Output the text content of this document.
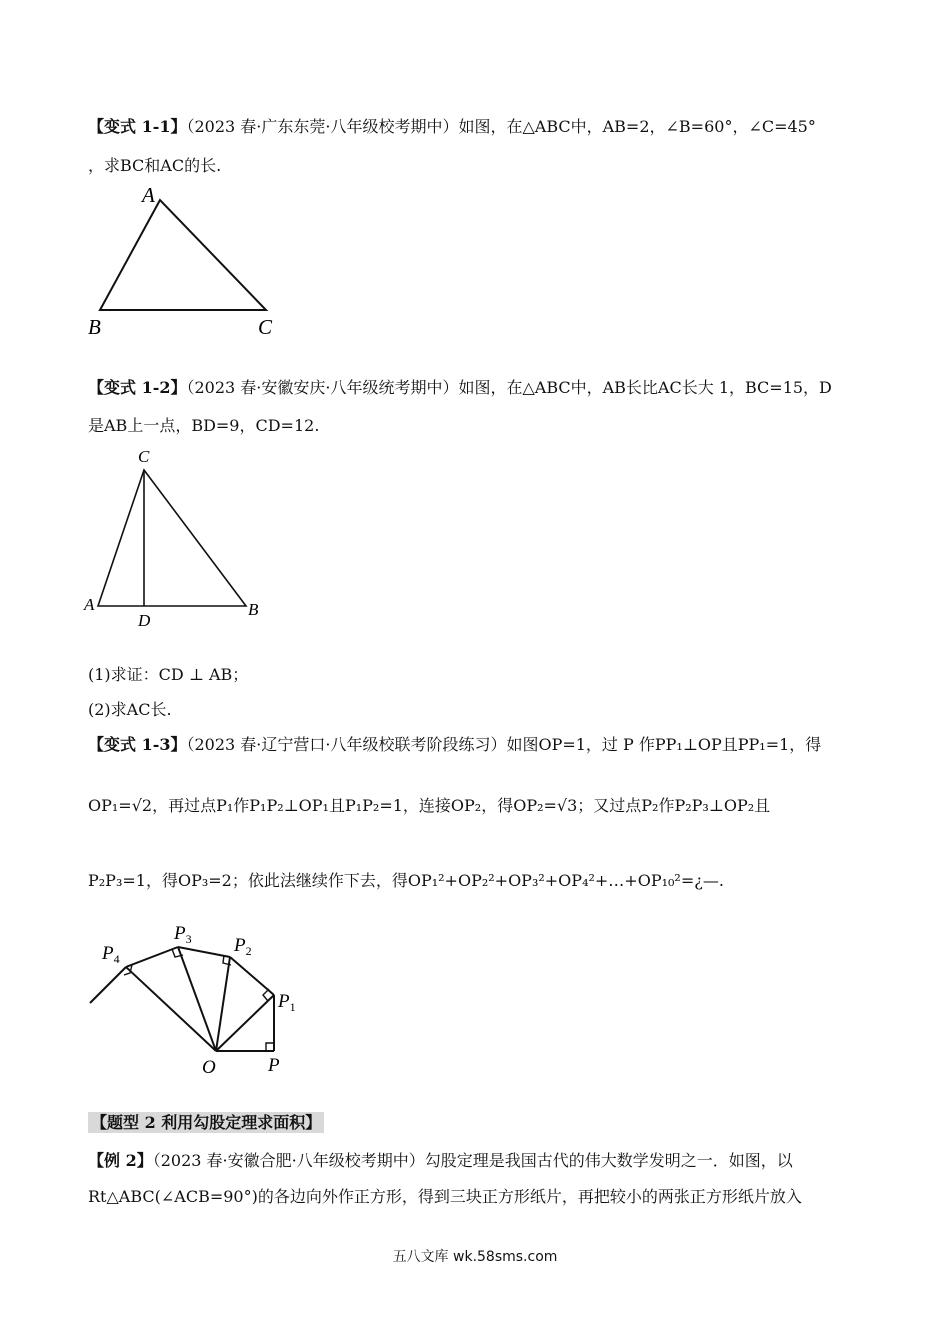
【变式 1-1】（2023 春·广东东莞·八年级校考期中）如图，在△ABC中，AB=2，∠B=60°，∠C=45°
，求BC和AC的长.
A
B	C
【变式 1-2】（2023 春·安徽安庆·八年级统考期中）如图，在△ABC中，AB长比AC长大 1，BC=15，D
是AB上一点，BD=9，CD=12.
C
A	B
D
(1)求证：CD ⊥ AB；
(2)求AC长.
【变式 1-3】（2023 春·辽宁营口·八年级校联考阶段练习）如图OP=1，过 P 作PP₁⊥OP且PP₁=1，得
OP₁=√2，再过点P₁作P₁P₂⊥OP₁且P₁P₂=1，连接OP₂，得OP₂=√3；又过点P₂作P₂P₃⊥OP₂且
P₂P₃=1，得OP₃=2；依此法继续作下去，得OP₁²+OP₂²+OP₃²+OP₄²+…+OP₁₀²=¿—.
O	P
$P_1$
$P_2$
$P_3$
$P_4$
【题型 2 利用勾股定理求面积】
【例 2】（2023 春·安徽合肥·八年级校考期中）勾股定理是我国古代的伟大数学发明之一．如图，以
Rt△ABC(∠ACB=90°)的各边向外作正方形，得到三块正方形纸片，再把较小的两张正方形纸片放入
五八文库 wk.58sms.com
